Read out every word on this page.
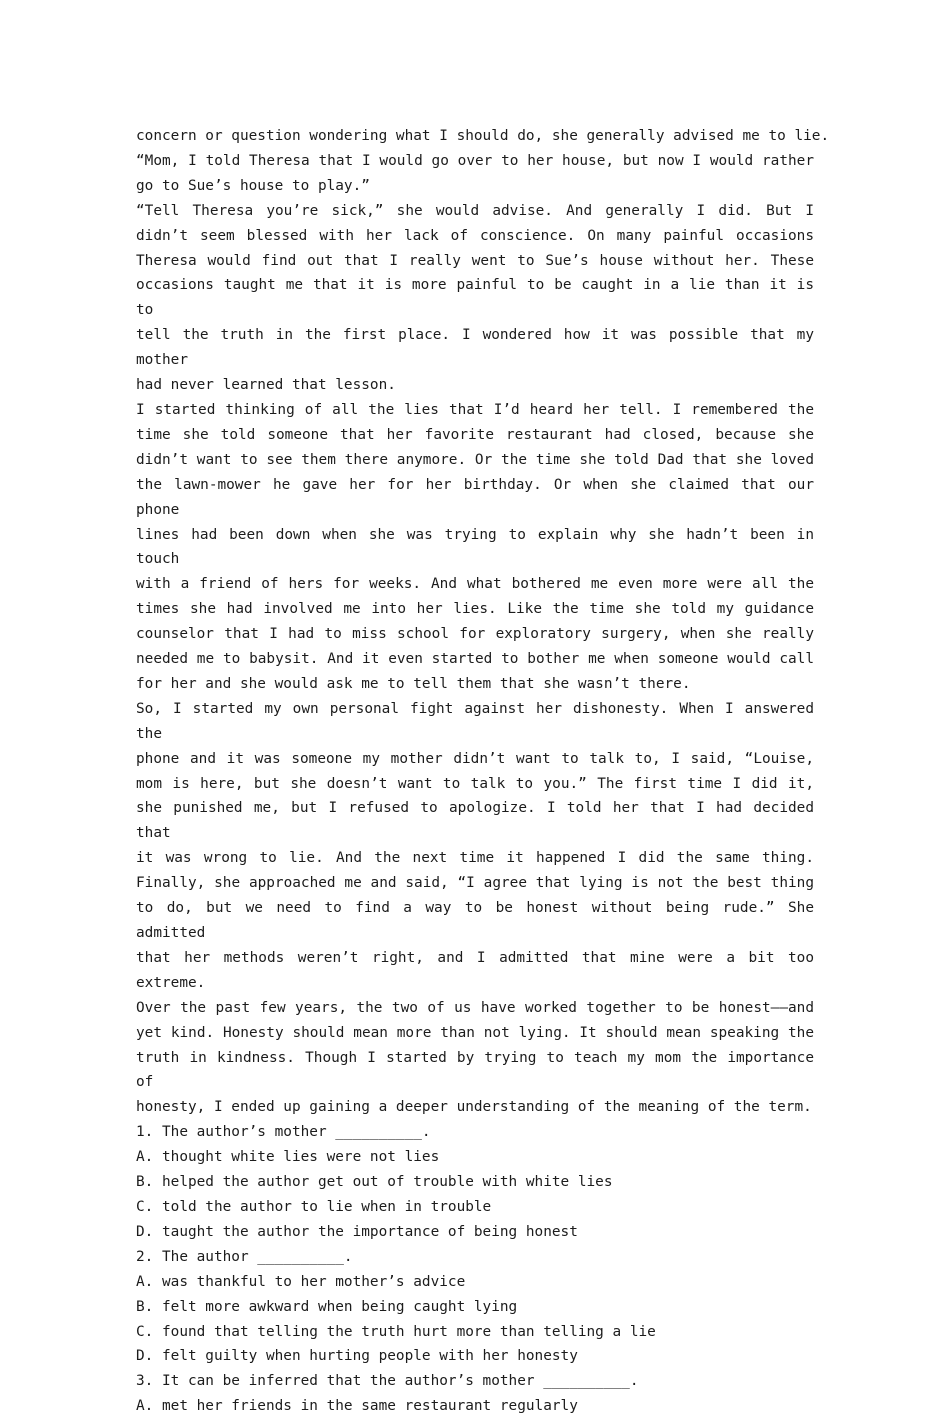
concern or question wondering what I should do, she generally advised me to lie.
“Mom, I told Theresa that I would go over to her house, but now I would rather
go to Sue’s house to play.”
“Tell Theresa you’re sick,” she would advise. And generally I did. But I
didn’t seem blessed with her lack of conscience. On many painful occasions
Theresa would find out that I really went to Sue’s house without her. These
occasions taught me that it is more painful to be caught in a lie than it is to
tell the truth in the first place. I wondered how it was possible that my mother
had never learned that lesson.
I started thinking of all the lies that I’d heard her tell. I remembered the
time she told someone that her favorite restaurant had closed, because she
didn’t want to see them there anymore. Or the time she told Dad that she loved
the lawn-mower he gave her for her birthday. Or when she claimed that our phone
lines had been down when she was trying to explain why she hadn’t been in touch
with a friend of hers for weeks. And what bothered me even more were all the
times she had involved me into her lies. Like the time she told my guidance
counselor that I had to miss school for exploratory surgery, when she really
needed me to babysit. And it even started to bother me when someone would call
for her and she would ask me to tell them that she wasn’t there.
So, I started my own personal fight against her dishonesty. When I answered the
phone and it was someone my mother didn’t want to talk to, I said, “Louise,
mom is here, but she doesn’t want to talk to you.” The first time I did it,
she punished me, but I refused to apologize. I told her that I had decided that
it was wrong to lie. And the next time it happened I did the same thing.
Finally, she approached me and said, “I agree that lying is not the best thing
to do, but we need to find a way to be honest without being rude.” She admitted
that her methods weren’t right, and I admitted that mine were a bit too
extreme.
Over the past few years, the two of us have worked together to be honest——and
yet kind. Honesty should mean more than not lying. It should mean speaking the
truth in kindness. Though I started by trying to teach my mom the importance of
honesty, I ended up gaining a deeper understanding of the meaning of the term.
1. The author’s mother __________.
A. thought white lies were not lies
B. helped the author get out of trouble with white lies
C. told the author to lie when in trouble
D. taught the author the importance of being honest
2. The author __________.
A. was thankful to her mother’s advice
B. felt more awkward when being caught lying
C. found that telling the truth hurt more than telling a lie
D. felt guilty when hurting people with her honesty
3. It can be inferred that the author’s mother __________.
A. met her friends in the same restaurant regularly
